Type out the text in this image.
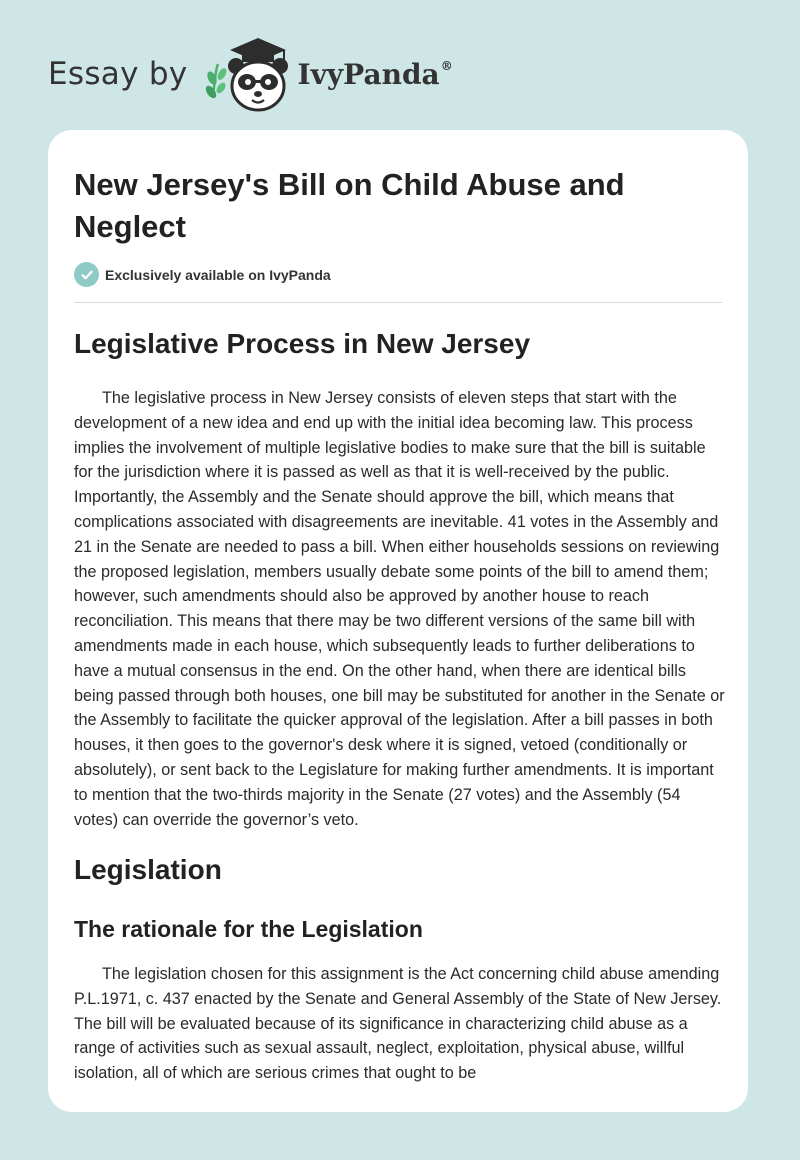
Essay by	IvyPanda®
New Jersey's Bill on Child Abuse and Neglect
Exclusively available on IvyPanda
Legislative Process in New Jersey

The legislative process in New Jersey consists of eleven steps that start with the development of a new idea and end up with the initial idea becoming law. This process implies the involvement of multiple legislative bodies to make sure that the bill is suitable for the jurisdiction where it is passed as well as that it is well-received by the public. Importantly, the Assembly and the Senate should approve the bill, which means that complications associated with disagreements are inevitable. 41 votes in the Assembly and 21 in the Senate are needed to pass a bill. When either households sessions on reviewing the proposed legislation, members usually debate some points of the bill to amend them; however, such amendments should also be approved by another house to reach reconciliation. This means that there may be two different versions of the same bill with amendments made in each house, which subsequently leads to further deliberations to have a mutual consensus in the end. On the other hand, when there are identical bills being passed through both houses, one bill may be substituted for another in the Senate or the Assembly to facilitate the quicker approval of the legislation. After a bill passes in both houses, it then goes to the governor's desk where it is signed, vetoed (conditionally or absolutely), or sent back to the Legislature for making further amendments. It is important to mention that the two-thirds majority in the Senate (27 votes) and the Assembly (54 votes) can override the governor’s veto.

Legislation
The rationale for the Legislation

The legislation chosen for this assignment is the Act concerning child abuse amending P.L.1971, c. 437 enacted by the Senate and General Assembly of the State of New Jersey. The bill will be evaluated because of its significance in characterizing child abuse as a range of activities such as sexual assault, neglect, exploitation, physical abuse, willful isolation, all of which are serious crimes that ought to be
